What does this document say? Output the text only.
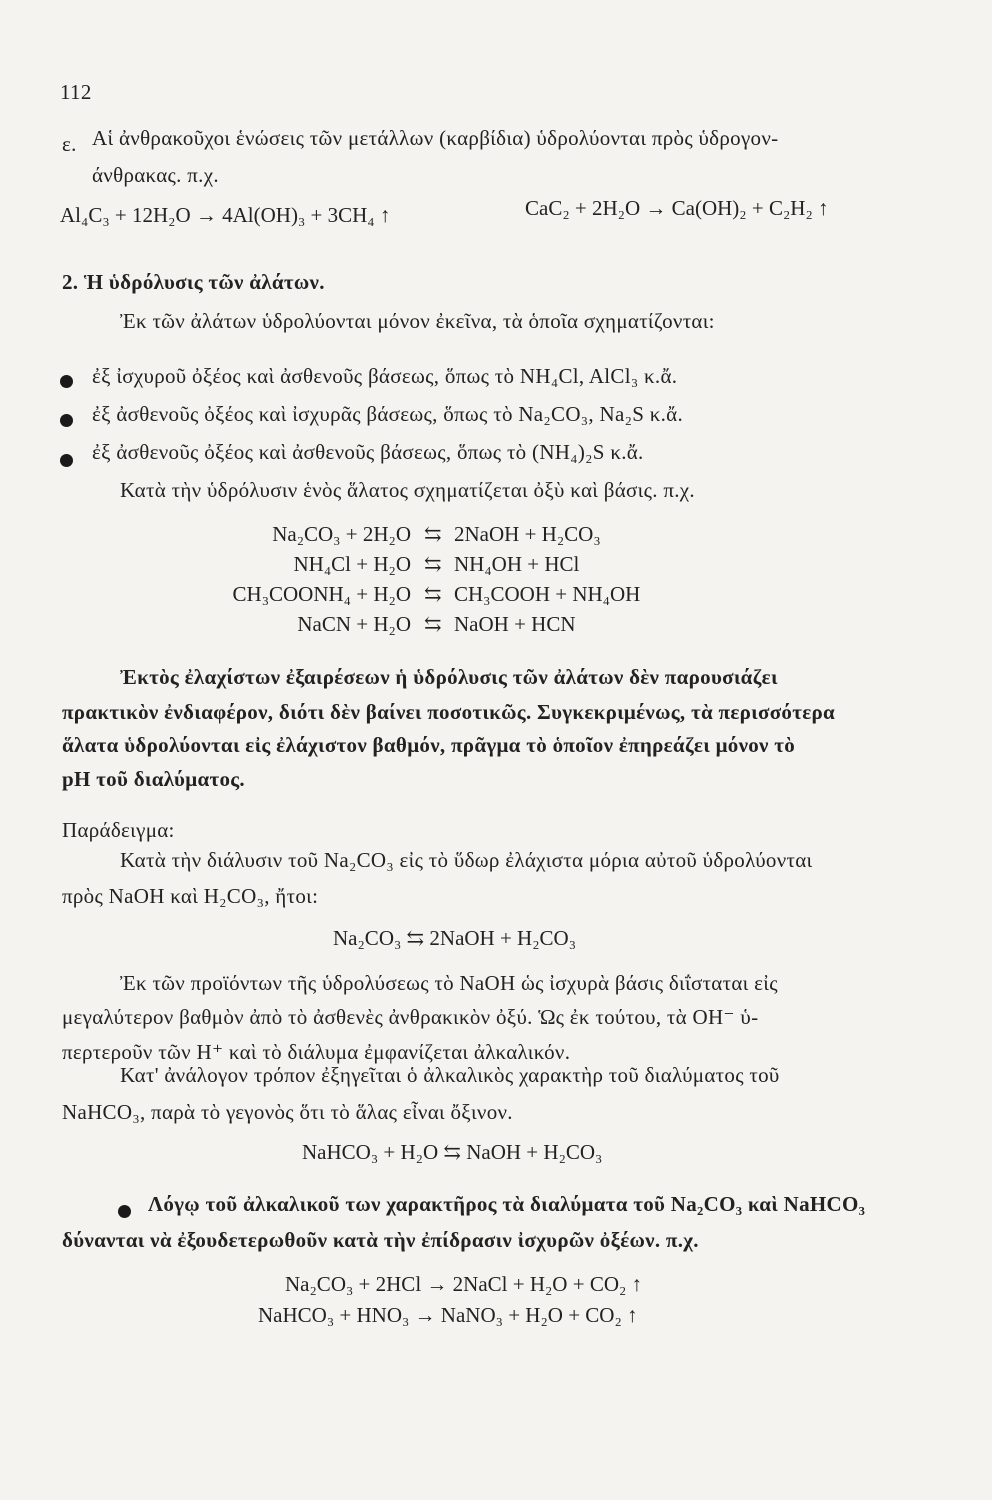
112
ε. Αἱ ἀνθρακοῦχοι ἑνώσεις τῶν μετάλλων (καρβίδια) ὑδρολύονται πρὸς ὑδρογον-
άνθρακας. π.χ.
Al₄C₃ + 12H₂O → 4Al(OH)₃ + 3CH₄ ↑	CaC₂ + 2H₂O → Ca(OH)₂ + C₂H₂ ↑
2. Ἡ ὑδρόλυσις τῶν ἀλάτων.
Ἐκ τῶν ἀλάτων ὑδρολύονται μόνον ἐκεῖνα, τὰ ὁποῖα σχηματίζονται:
ἐξ ἰσχυροῦ ὀξέος καὶ ἀσθενοῦς βάσεως, ὅπως τὸ NH₄Cl, AlCl₃ κ.ἄ.
ἐξ ἀσθενοῦς ὀξέος καὶ ἰσχυρᾶς βάσεως, ὅπως τὸ Na₂CO₃, Na₂S κ.ἄ.
ἐξ ἀσθενοῦς ὀξέος καὶ ἀσθενοῦς βάσεως, ὅπως τὸ (NH₄)₂S κ.ἄ.
Κατὰ τὴν ὑδρόλυσιν ἑνὸς ἅλατος σχηματίζεται ὀξὺ καὶ βάσις. π.χ.
Na₂CO₃ + 2H₂O ⇆ 2NaOH + H₂CO₃
NH₄Cl + H₂O ⇆ NH₄OH + HCl
CH₃COONH₄ + H₂O ⇆ CH₃COOH + NH₄OH
NaCN + H₂O ⇆ NaOH + HCN
Ἐκτὸς ἐλαχίστων ἐξαιρέσεων ἡ ὑδρόλυσις τῶν ἀλάτων δὲν παρουσιάζει
πρακτικὸν ἐνδιαφέρον, διότι δὲν βαίνει ποσοτικῶς. Συγκεκριμένως, τὰ περισσότερα
ἅλατα ὑδρολύονται εἰς ἐλάχιστον βαθμόν, πρᾶγμα τὸ ὁποῖον ἐπηρεάζει μόνον τὸ
pH τοῦ διαλύματος.
Παράδειγμα:
Κατὰ τὴν διάλυσιν τοῦ Na₂CO₃ εἰς τὸ ὕδωρ ἐλάχιστα μόρια αὐτοῦ ὑδρολύονται
πρὸς NaOH καὶ H₂CO₃, ἤτοι:
Na₂CO₃ ⇆ 2NaOH + H₂CO₃
Ἐκ τῶν προϊόντων τῆς ὑδρολύσεως τὸ NaOH ὡς ἰσχυρὰ βάσις διΐσταται εἰς
μεγαλύτερον βαθμὸν ἀπὸ τὸ ἀσθενὲς ἀνθρακικὸν ὀξύ. Ὡς ἐκ τούτου, τὰ OH⁻ ὑ-
περτεροῦν τῶν H⁺ καὶ τὸ διάλυμα ἐμφανίζεται ἀλκαλικόν.
Κατ' ἀνάλογον τρόπον ἐξηγεῖται ὁ ἀλκαλικὸς χαρακτὴρ τοῦ διαλύματος τοῦ
NaHCO₃, παρὰ τὸ γεγονὸς ὅτι τὸ ἅλας εἶναι ὄξινον.
NaHCO₃ + H₂O ⇆ NaOH + H₂CO₃
Λόγῳ τοῦ ἀλκαλικοῦ των χαρακτῆρος τὰ διαλύματα τοῦ Na₂CO₃ καὶ NaHCO₃
δύνανται νὰ ἐξουδετερωθοῦν κατὰ τὴν ἐπίδρασιν ἰσχυρῶν ὀξέων. π.χ.
Na₂CO₃ + 2HCl → 2NaCl + H₂O + CO₂ ↑
NaHCO₃ + HNO₃ → NaNO₃ + H₂O + CO₂ ↑
